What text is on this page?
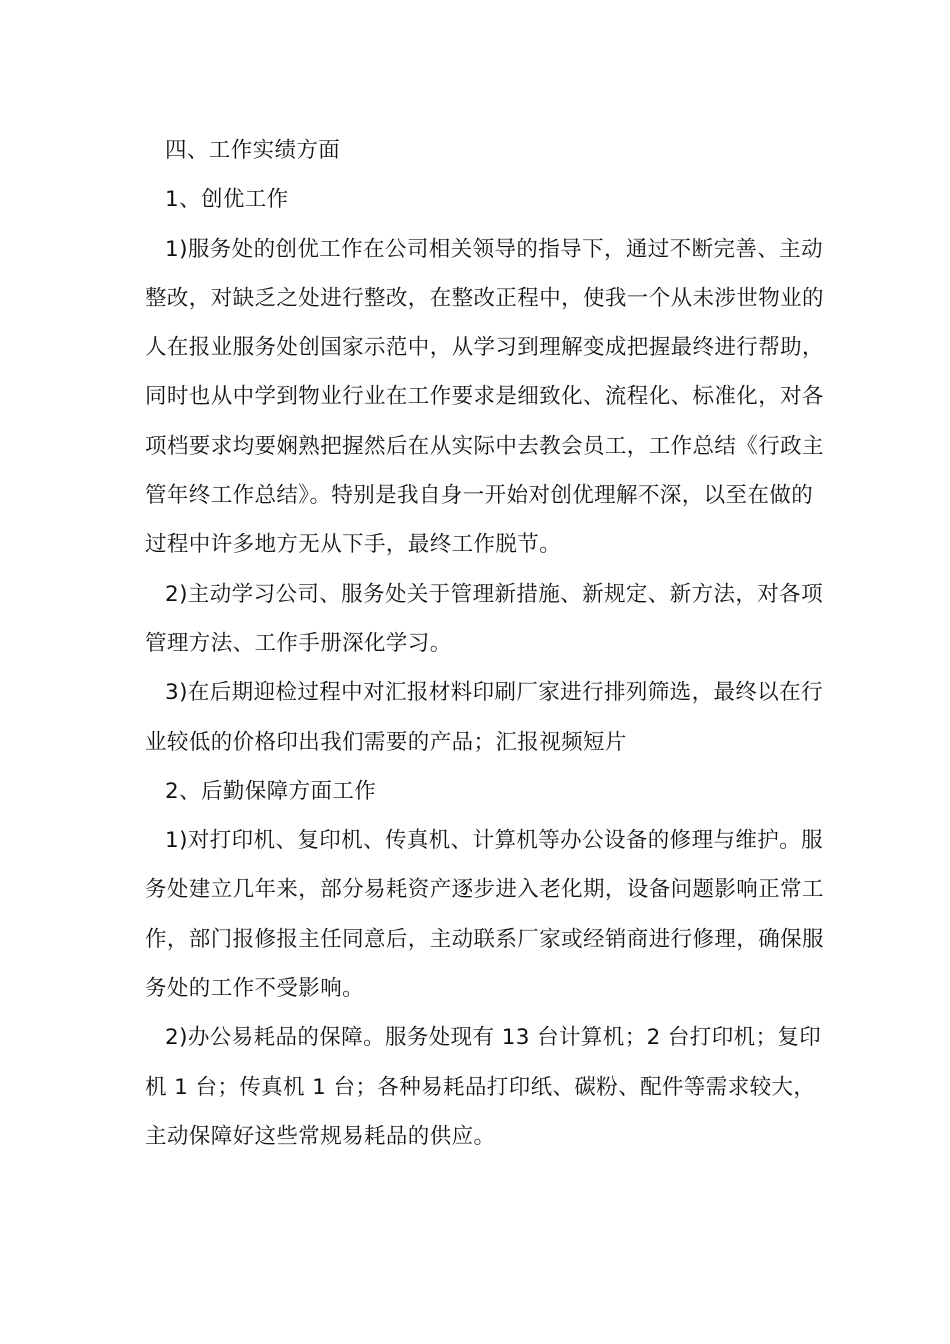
四、工作实绩方面

1、创优工作

1)服务处的创优工作在公司相关领导的指导下，通过不断完善、主动整改，对缺乏之处进行整改，在整改正程中，使我一个从未涉世物业的人在报业服务处创国家示范中，从学习到理解变成把握最终进行帮助，同时也从中学到物业行业在工作要求是细致化、流程化、标准化，对各项档要求均要娴熟把握然后在从实际中去教会员工，工作总结《行政主管年终工作总结》。特别是我自身一开始对创优理解不深，以至在做的过程中许多地方无从下手，最终工作脱节。

2)主动学习公司、服务处关于管理新措施、新规定、新方法，对各项管理方法、工作手册深化学习。

3)在后期迎检过程中对汇报材料印刷厂家进行排列筛选，最终以在行业较低的价格印出我们需要的产品；汇报视频短片

2、后勤保障方面工作

1)对打印机、复印机、传真机、计算机等办公设备的修理与维护。服务处建立几年来，部分易耗资产逐步进入老化期，设备问题影响正常工作，部门报修报主任同意后，主动联系厂家或经销商进行修理，确保服务处的工作不受影响。

2)办公易耗品的保障。服务处现有 13 台计算机；2 台打印机；复印机 1 台；传真机 1 台；各种易耗品打印纸、碳粉、配件等需求较大，主动保障好这些常规易耗品的供应。
